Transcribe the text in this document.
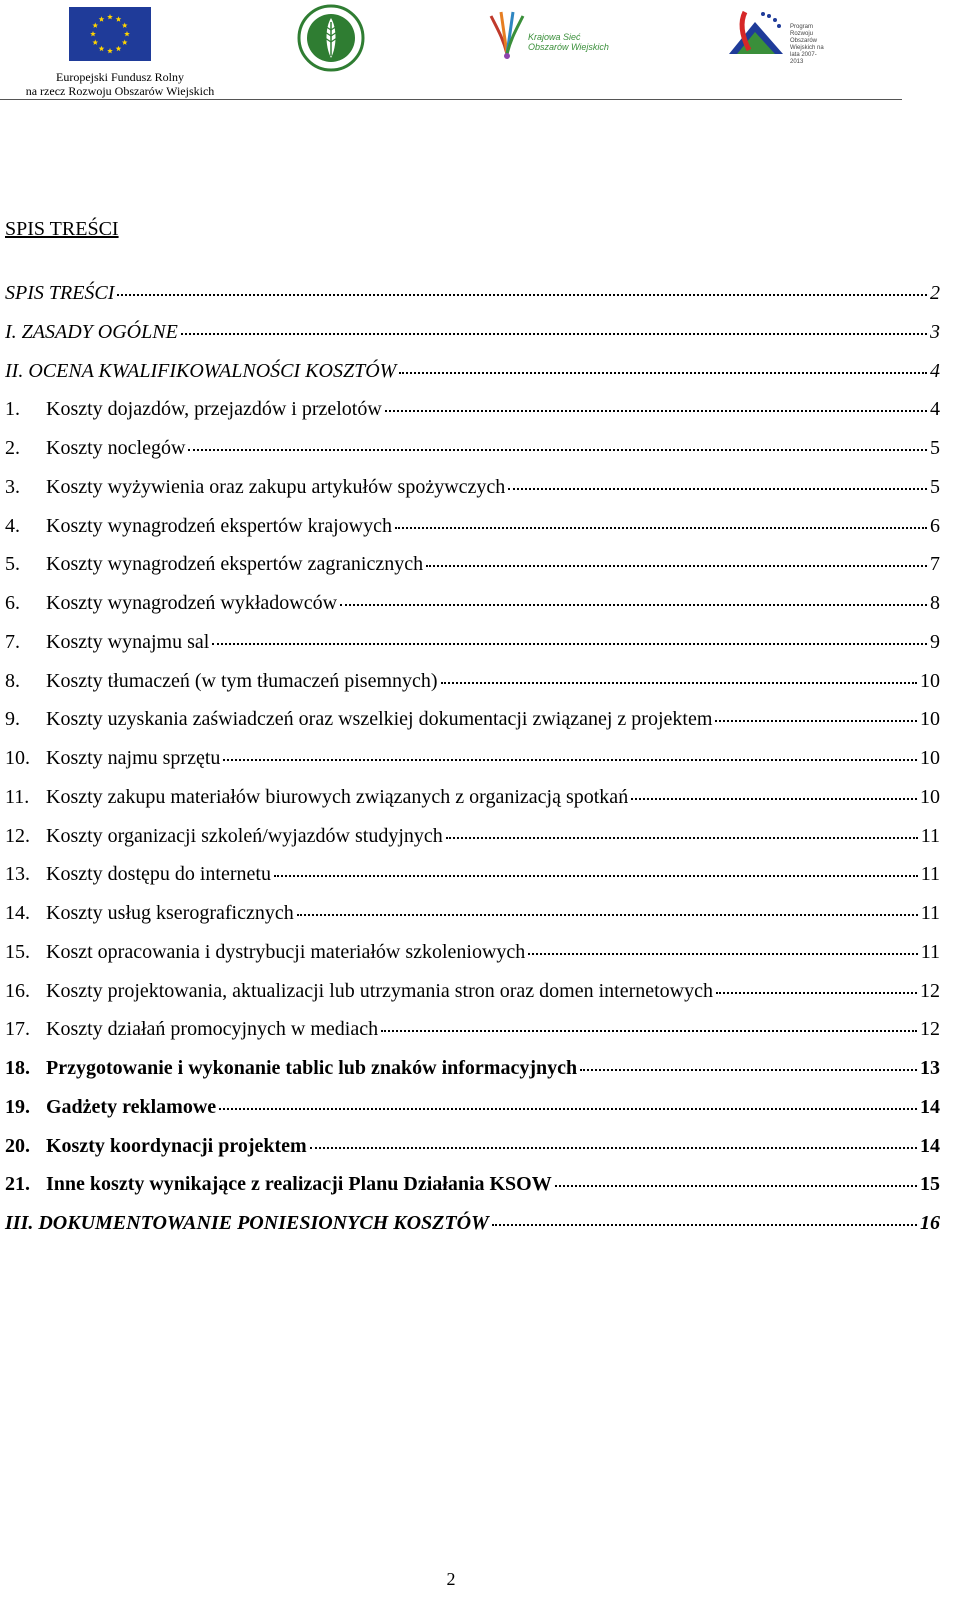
Europejski Fundusz Rolny
na rzecz Rozwoju Obszarów Wiejskich
Krajowa Sieć
Obszarów Wiejskich
Program Rozwoju Obszarów Wiejskich na lata 2007-2013
SPIS TREŚCI
SPIS TREŚCI	2
I. ZASADY OGÓLNE	3
II. OCENA KWALIFIKOWALNOŚCI KOSZTÓW	4
1.	Koszty dojazdów, przejazdów i przelotów	4
2.	Koszty noclegów	5
3.	Koszty wyżywienia oraz zakupu artykułów spożywczych	5
4.	Koszty wynagrodzeń ekspertów krajowych	6
5.	Koszty wynagrodzeń ekspertów zagranicznych	7
6.	Koszty wynagrodzeń wykładowców	8
7.	Koszty wynajmu sal	9
8.	Koszty tłumaczeń (w tym tłumaczeń pisemnych)	10
9.	Koszty uzyskania zaświadczeń oraz wszelkiej dokumentacji związanej z projektem	10
10. Koszty najmu sprzętu	10
11. Koszty zakupu materiałów biurowych związanych z organizacją spotkań	10
12. Koszty organizacji szkoleń/wyjazdów studyjnych	11
13. Koszty dostępu do internetu	11
14. Koszty usług kserograficznych	11
15. Koszt opracowania i dystrybucji materiałów szkoleniowych	11
16. Koszty projektowania, aktualizacji lub utrzymania stron oraz domen internetowych	12
17. Koszty działań promocyjnych w mediach	12
18. Przygotowanie i wykonanie tablic lub znaków informacyjnych	13
19. Gadżety reklamowe	14
20. Koszty koordynacji projektem	14
21. Inne koszty wynikające z realizacji Planu Działania KSOW	15
III. DOKUMENTOWANIE PONIESIONYCH KOSZTÓW	16
2
